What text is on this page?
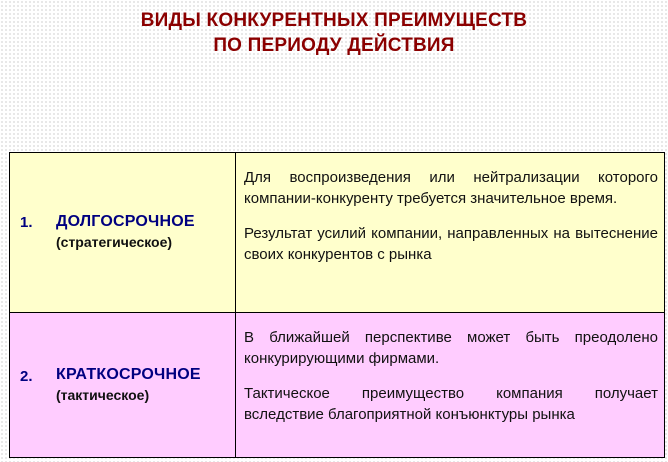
ВИДЫ КОНКУРЕНТНЫХ ПРЕИМУЩЕСТВ
ПО ПЕРИОДУ ДЕЙСТВИЯ
1. ДОЛГОСРОЧНОЕ
(стратегическое)

Для воспроизведения или нейтрализации которого компании-конкуренту требуется значительное время.

Результат усилий компании, направленных на вытеснение своих конкурентов с рынка

2. КРАТКОСРОЧНОЕ
(тактическое)

В ближайшей перспективе может быть преодолено конкурирующими фирмами.

Тактическое преимущество компания получает вследствие благоприятной конъюнктуры рынка
